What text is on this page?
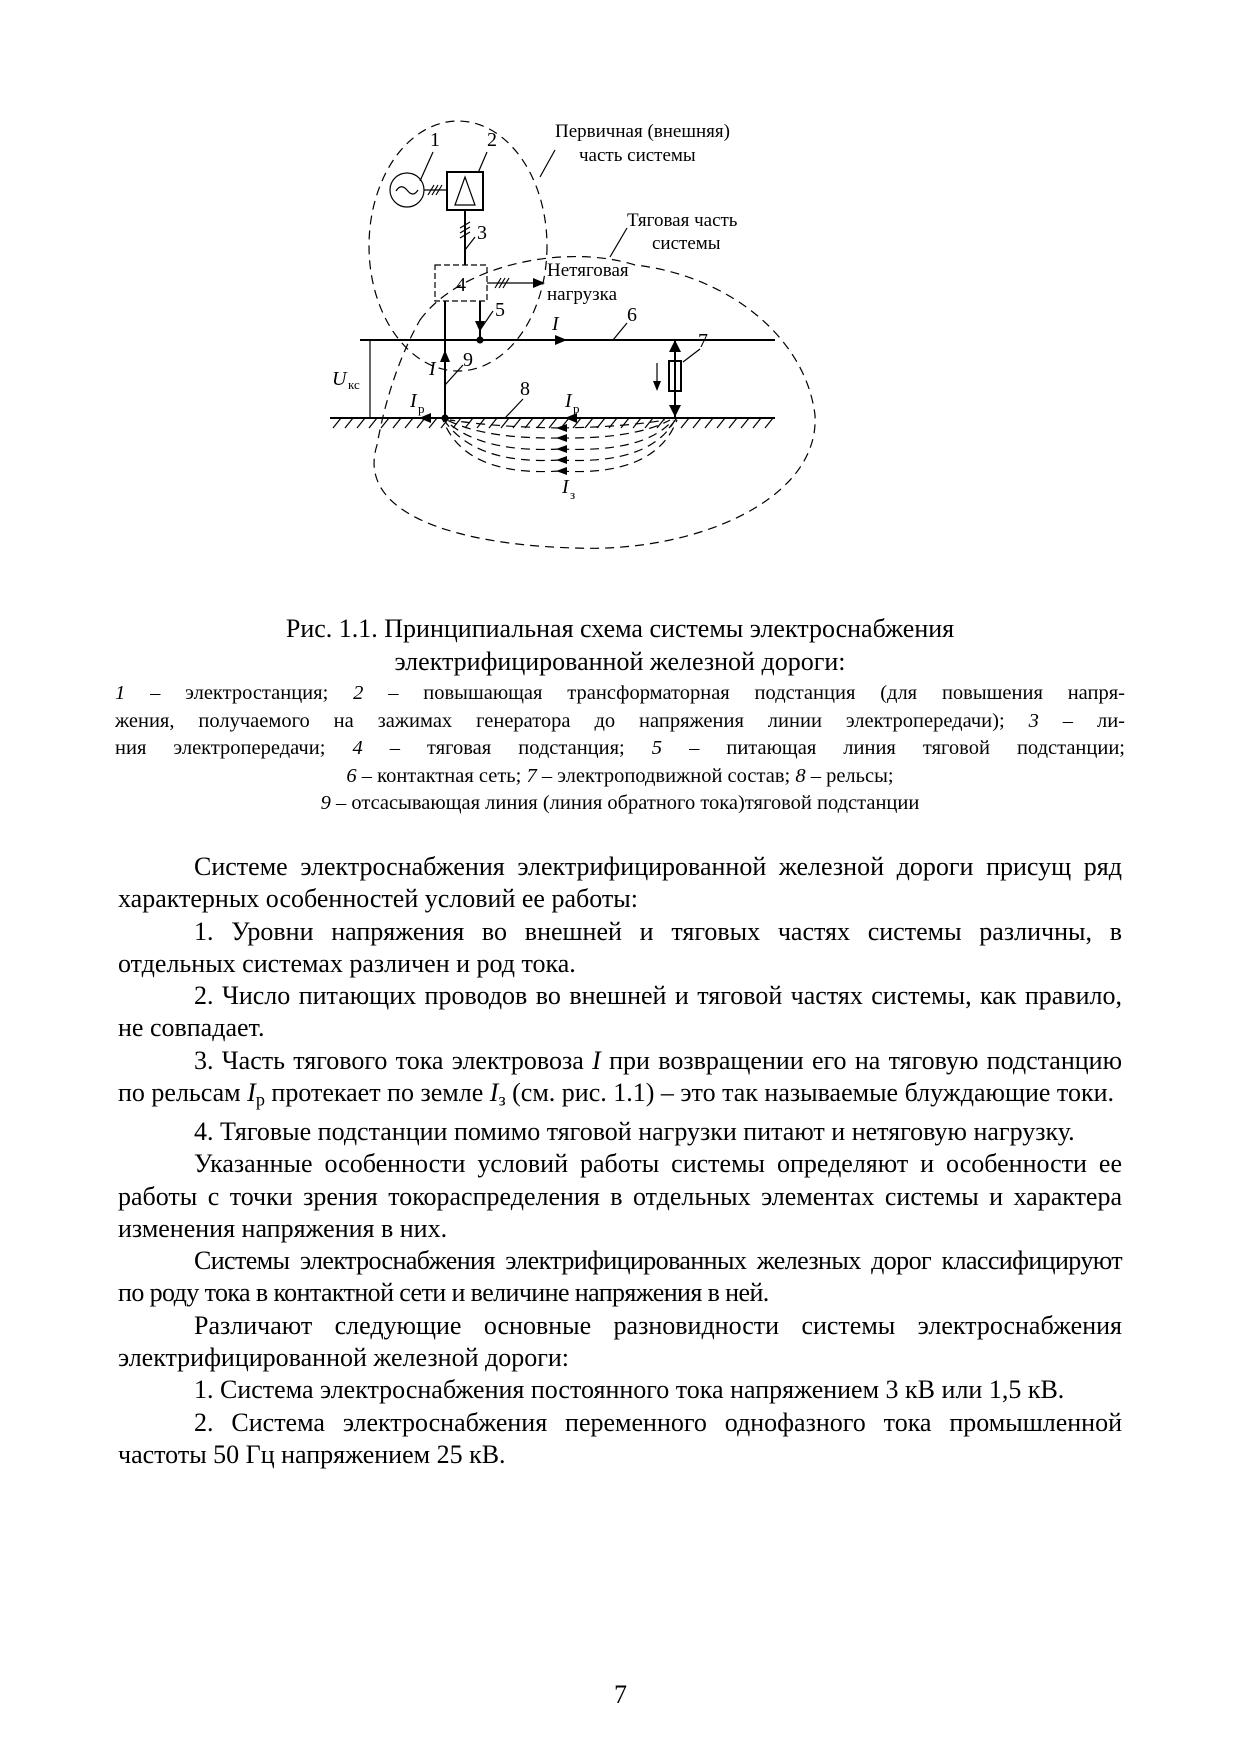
1 2
3
4
5	6
7
8
9
Первичная (внешняя)
часть системы
Тяговая часть
системы
Нетяговая
нагрузка
I
I
U кс
I р	I р
I з
Рис. 1.1. Принципиальная схема системы электроснабжения
электрифицированной железной дороги:

1 – электростанция; 2 – повышающая трансформаторная подстанция (для повышения напря-

жения, получаемого на зажимах генератора до напряжения линии электропередачи); 3 – ли-

ния электропередачи; 4 – тяговая подстанция; 5 – питающая линия тяговой подстанции;

6 – контактная сеть; 7 – электроподвижной состав; 8 – рельсы;

9 – отсасывающая линия (линия обратного тока)тяговой подстанции

Системе электроснабжения электрифицированной железной дороги присущ ряд характерных особенностей условий ее работы:

1. Уровни напряжения во внешней и тяговых частях системы различны, в отдельных системах различен и род тока.

2. Число питающих проводов во внешней и тяговой частях системы, как правило, не совпадает.

3. Часть тягового тока электровоза I при возвращении его на тяговую подстанцию по рельсам $I_р$ протекает по земле $I_з$ (см. рис. 1.1) – это так называемые блуждающие токи.

4. Тяговые подстанции помимо тяговой нагрузки питают и нетяговую нагрузку.

Указанные особенности условий работы системы определяют и особенности ее работы с точки зрения токораспределения в отдельных элементах системы и характера изменения напряжения в них.

Системы электроснабжения электрифицированных железных дорог классифицируют по роду тока в контактной сети и величине напряжения в ней.

Различают следующие основные разновидности системы электроснабжения электрифицированной железной дороги:

1. Система электроснабжения постоянного тока напряжением 3 кВ или 1,5 кВ.

2. Система электроснабжения переменного однофазного тока промышленной частоты 50 Гц напряжением 25 кВ.

7
